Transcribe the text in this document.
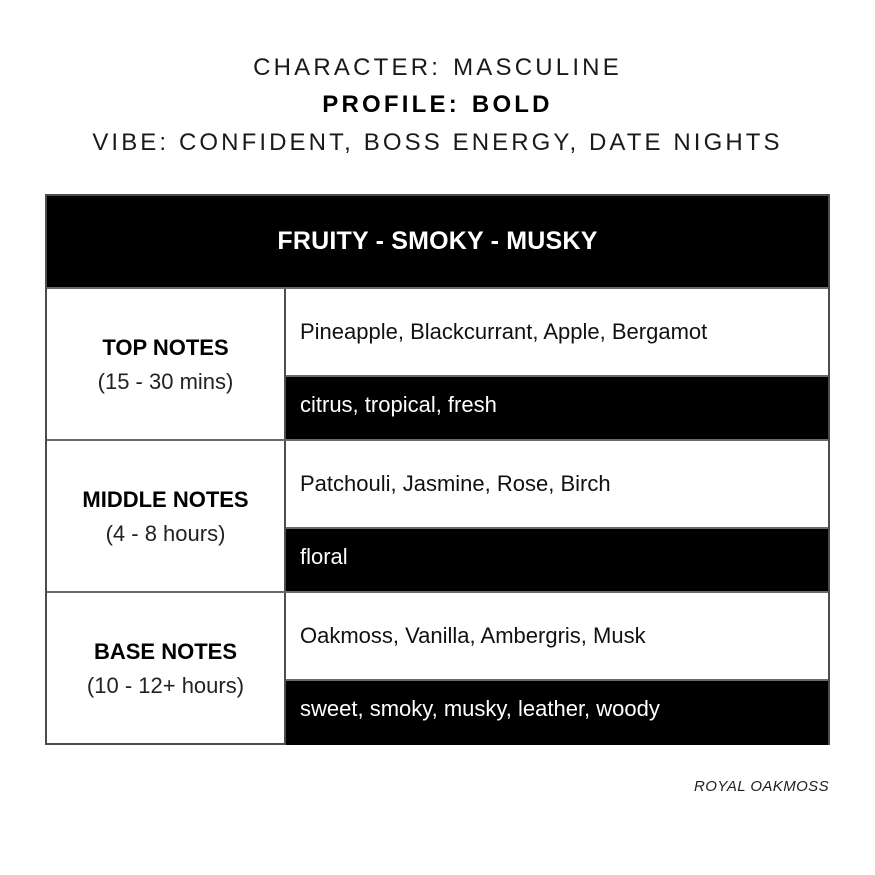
CHARACTER: MASCULINE
PROFILE: BOLD
VIBE: CONFIDENT, BOSS ENERGY, DATE NIGHTS
FRUITY - SMOKY - MUSKY
TOP NOTES
(15 - 30 mins)
Pineapple, Blackcurrant, Apple, Bergamot
citrus, tropical, fresh
MIDDLE NOTES
(4 - 8 hours)
Patchouli, Jasmine, Rose, Birch
floral
BASE NOTES
(10 - 12+ hours)
Oakmoss, Vanilla, Ambergris, Musk
sweet, smoky, musky, leather, woody
ROYAL OAKMOSS
